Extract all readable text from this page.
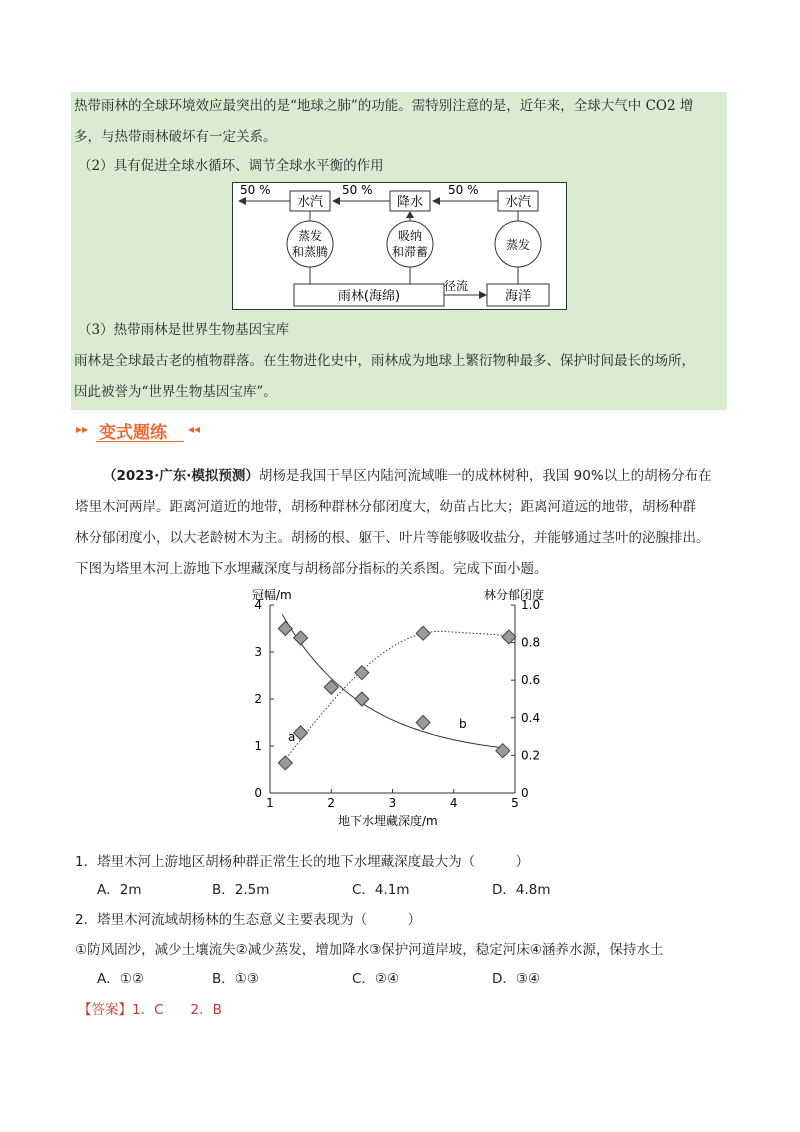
热带雨林的全球环境效应最突出的是“地球之肺”的功能。需特别注意的是，近年来，全球大气中 CO2 增
多，与热带雨林破坏有一定关系。
（2）具有促进全球水循环、调节全球水平衡的作用
水汽	降水	水汽
50 %	50 %	50 %
蒸发
和蒸腾
吸纳
和滞蓄	蒸发
雨林(海绵)	海洋
径流
（3）热带雨林是世界生物基因宝库
雨林是全球最古老的植物群落。在生物进化史中，雨林成为地球上繁衍物种最多、保护时间最长的场所，
因此被誉为“世界生物基因宝库”。
▸▸ 变式题练 ◂◂
（2023·广东·模拟预测）胡杨是我国干旱区内陆河流域唯一的成林树种，我国 90%以上的胡杨分布在
塔里木河两岸。距离河道近的地带，胡杨种群林分郁闭度大，幼苗占比大；距离河道远的地带，胡杨种群
林分郁闭度小，以大老龄树木为主。胡杨的根、躯干、叶片等能够吸收盐分，并能够通过茎叶的泌腺排出。
下图为塔里木河上游地下水埋藏深度与胡杨部分指标的关系图。完成下面小题。
冠幅/m	林分郁闭度
地下水埋藏深度/m
1	2	3	4	5
0
1
2
3
4
0
0.2
0.4
0.6
0.8
1.0
a
b
1．塔里木河上游地区胡杨种群正常生长的地下水埋藏深度最大为（　　　）
A．2m	B．2.5m	C．4.1m	D．4.8m
2．塔里木河流域胡杨林的生态意义主要表现为（　　　）
①防风固沙，减少土壤流失②减少蒸发，增加降水③保护河道岸坡，稳定河床④涵养水源，保持水土
A．①②	B．①③	C．②④	D．③④
【答案】1．C　　2．B
